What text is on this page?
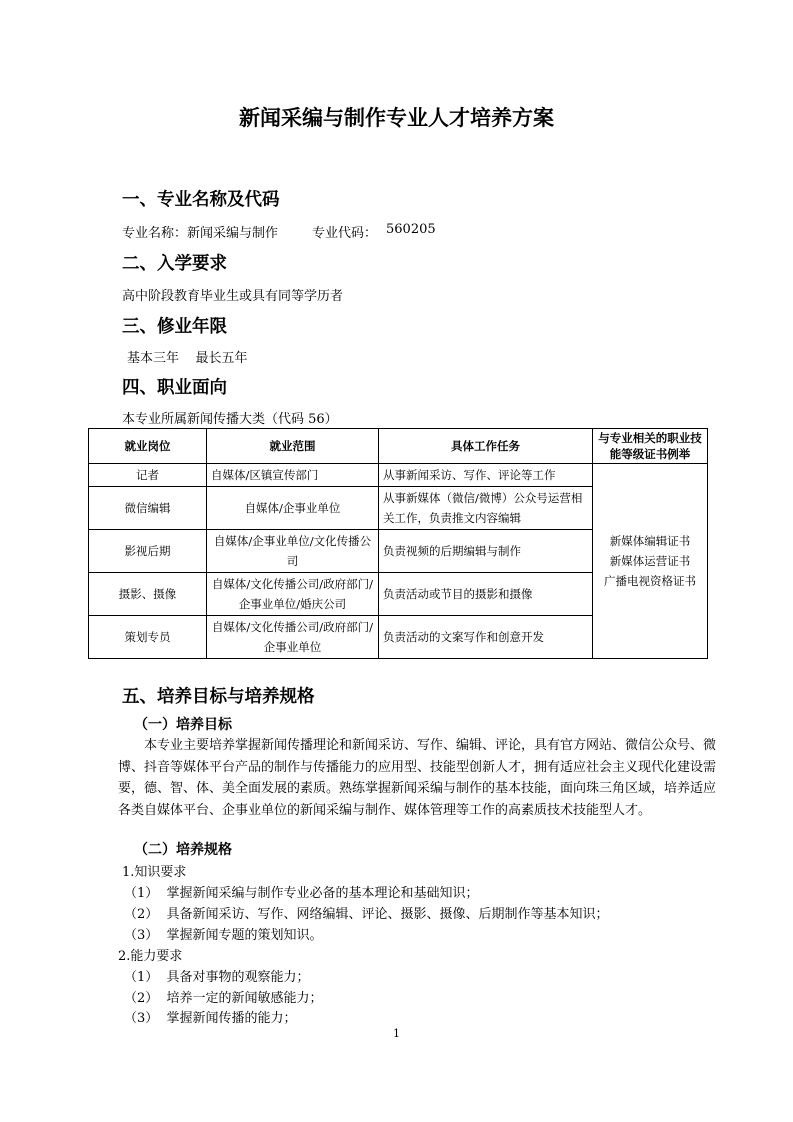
新闻采编与制作专业人才培养方案
一、专业名称及代码
专业名称：新闻采编与制作	专业代码： 560205
二、入学要求
高中阶段教育毕业生或具有同等学历者
三、修业年限
基本三年    最长五年
四、职业面向
本专业所属新闻传播大类（代码 56）
就业岗位	就业范围	具体工作任务	与专业相关的职业技能等级证书例举
记者	自媒体/区镇宣传部门	从事新闻采访、写作、评论等工作	新媒体编辑证书
新媒体运营证书
广播电视资格证书

微信编辑	自媒体/企事业单位	从事新媒体（微信/微博）公众号运营相关工作，负责推文内容编辑	
影视后期	自媒体/企事业单位/文化传播公司	负责视频的后期编辑与制作	
摄影、摄像	自媒体/文化传播公司/政府部门/企事业单位/婚庆公司	负责活动或节目的摄影和摄像	
策划专员	自媒体/文化传播公司/政府部门/企事业单位	负责活动的文案写作和创意开发	
五、培养目标与培养规格
（一）培养目标

本专业主要培养掌握新闻传播理论和新闻采访、写作、编辑、评论，具有官方网站、微信公众号、微博、抖音等媒体平台产品的制作与传播能力的应用型、技能型创新人才，拥有适应社会主义现代化建设需要，德、智、体、美全面发展的素质。熟练掌握新闻采编与制作的基本技能，面向珠三角区域，培养适应各类自媒体平台、企事业单位的新闻采编与制作、媒体管理等工作的高素质技术技能型人才。

（二）培养规格
1.知识要求
（1）  掌握新闻采编与制作专业必备的基本理论和基础知识；
（2）  具备新闻采访、写作、网络编辑、评论、摄影、摄像、后期制作等基本知识；
（3）  掌握新闻专题的策划知识。
2.能力要求
（1）  具备对事物的观察能力；
（2）  培养一定的新闻敏感能力；
（3）  掌握新闻传播的能力；
1
